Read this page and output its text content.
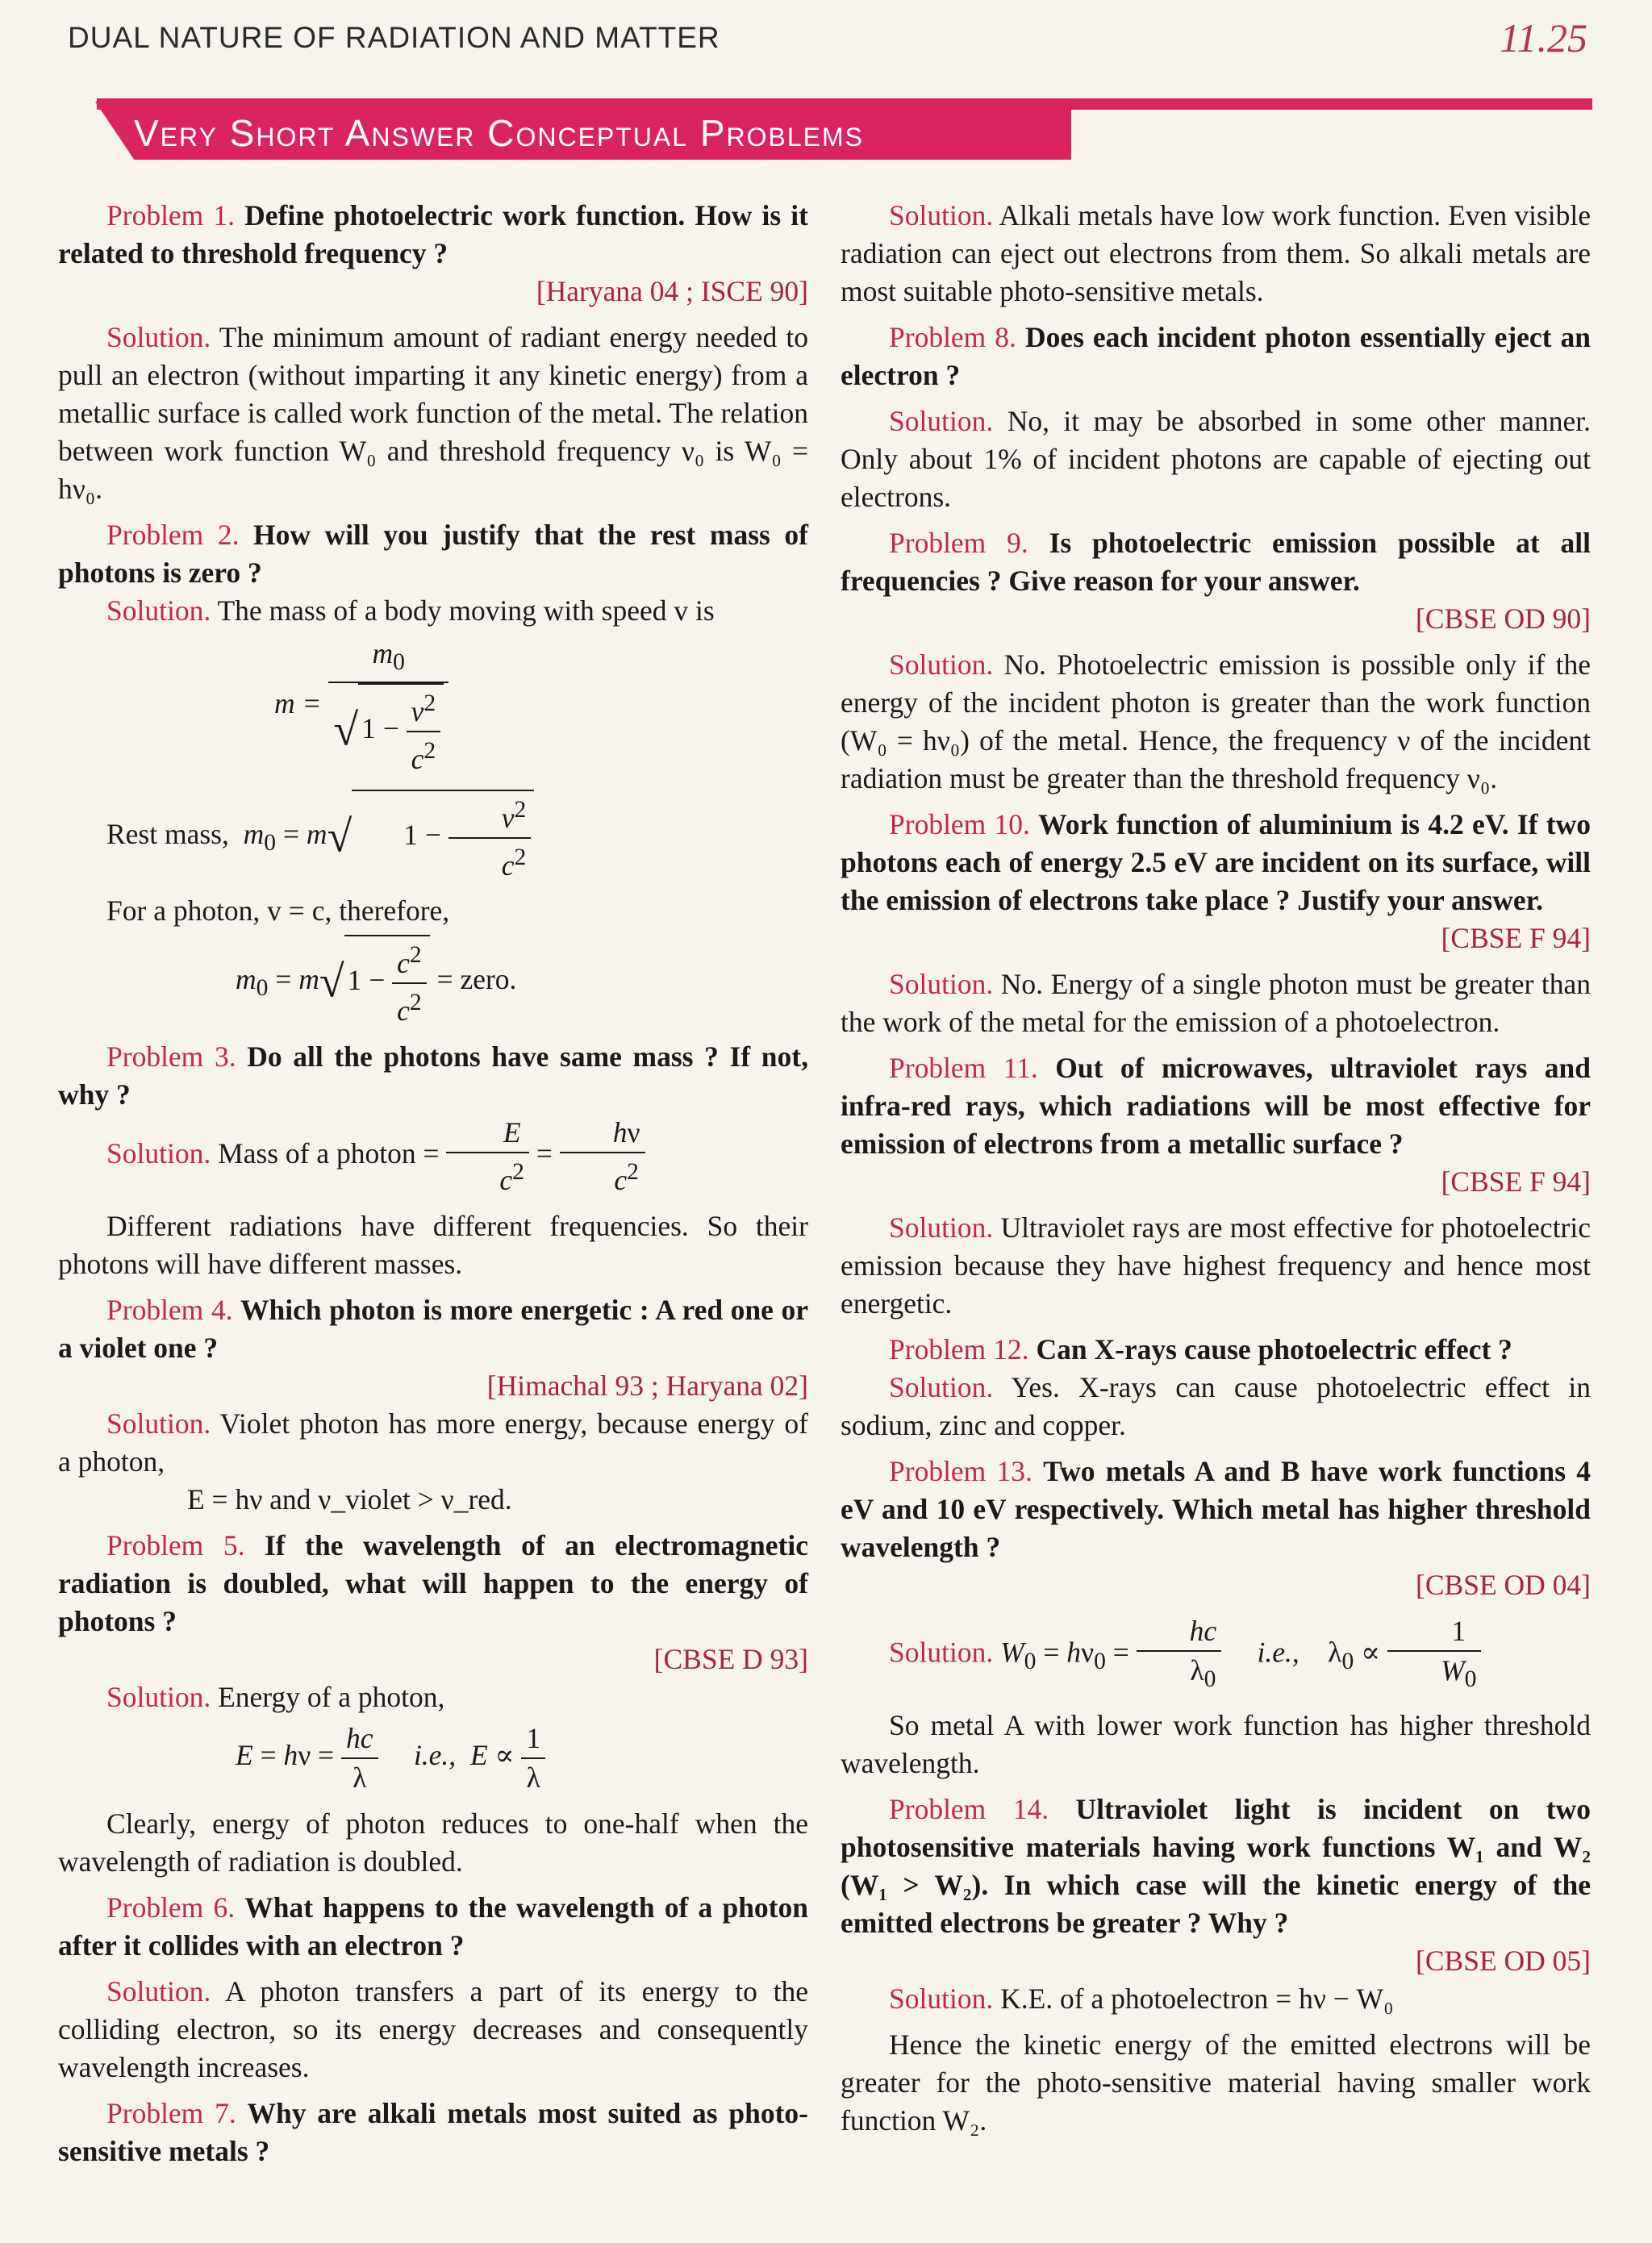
DUAL NATURE OF RADIATION AND MATTER	11.25
Very Short Answer Conceptual Problems

Problem 1. Define photoelectric work function. How is it related to threshold frequency ?

[Haryana 04 ; ISCE 90]

Solution. The minimum amount of radiant energy needed to pull an electron (without imparting it any kinetic energy) from a metallic surface is called work function of the metal. The relation between work function W₀ and threshold frequency ν₀ is W₀ = hν₀.

Problem 2. How will you justify that the rest mass of photons is zero ?

Solution. The mass of a body moving with speed v is

$m = \frac{m_0}{√ 1 - \frac{v^2}{c^2}}$

Rest mass, $m_0 = m√$ $1 - \frac{v^2}{c^2}$

For a photon, v = c, therefore,

$m_0 = m√$ $1 - \frac{c^2}{c^2}$ = zero.

Problem 3. Do all the photons have same mass ? If not, why ?

Solution. Mass of a photon = $\frac{E}{c^2} = \frac{h\nu}{c^2}$

Different radiations have different frequencies. So their photons will have different masses.

Problem 4. Which photon is more energetic : A red one or a violet one ?

[Himachal 93 ; Haryana 02]

Solution. Violet photon has more energy, because energy of a photon,

E = hν and ν_violet > ν_red.

Problem 5. If the wavelength of an electromagnetic radiation is doubled, what will happen to the energy of photons ?

[CBSE D 93]

Solution. Energy of a photon,

$E = h\nu = \frac{hc}{\lambda} i.e$., $E \propto \frac{1}{\lambda}$

Clearly, energy of photon reduces to one-half when the wavelength of radiation is doubled.

Problem 6. What happens to the wavelength of a photon after it collides with an electron ?

Solution. A photon transfers a part of its energy to the colliding electron, so its energy decreases and consequently wavelength increases.

Problem 7. Why are alkali metals most suited as photo-sensitive metals ?

Solution. Alkali metals have low work function. Even visible radiation can eject out electrons from them. So alkali metals are most suitable photo-sensitive metals.

Problem 8. Does each incident photon essentially eject an electron ?

Solution. No, it may be absorbed in some other manner. Only about 1% of incident photons are capable of ejecting out electrons.

Problem 9. Is photoelectric emission possible at all frequencies ? Give reason for your answer.

[CBSE OD 90]

Solution. No. Photoelectric emission is possible only if the energy of the incident photon is greater than the work function (W₀ = hν₀) of the metal. Hence, the frequency ν of the incident radiation must be greater than the threshold frequency ν₀.

Problem 10. Work function of aluminium is 4.2 eV. If two photons each of energy 2.5 eV are incident on its surface, will the emission of electrons take place ? Justify your answer.

[CBSE F 94]

Solution. No. Energy of a single photon must be greater than the work of the metal for the emission of a photoelectron.

Problem 11. Out of microwaves, ultraviolet rays and infra-red rays, which radiations will be most effective for emission of electrons from a metallic surface ?

[CBSE F 94]

Solution. Ultraviolet rays are most effective for photoelectric emission because they have highest frequency and hence most energetic.

Problem 12. Can X-rays cause photoelectric effect ?

Solution. Yes. X-rays can cause photoelectric effect in sodium, zinc and copper.

Problem 13. Two metals A and B have work functions 4 eV and 10 eV respectively. Which metal has higher threshold wavelength ?

[CBSE OD 04]

Solution. $W_0 = h\nu_0 = \frac{hc}{\lambda_0} i.e$.,    $\lambda_0 \propto \frac{1}{W_0}$

So metal A with lower work function has higher threshold wavelength.

Problem 14. Ultraviolet light is incident on two photosensitive materials having work functions W₁ and W₂ (W₁ > W₂). In which case will the kinetic energy of the emitted electrons be greater ? Why ?

[CBSE OD 05]

Solution. K.E. of a photoelectron = hν − W₀

Hence the kinetic energy of the emitted electrons will be greater for the photo-sensitive material having smaller work function W₂.
